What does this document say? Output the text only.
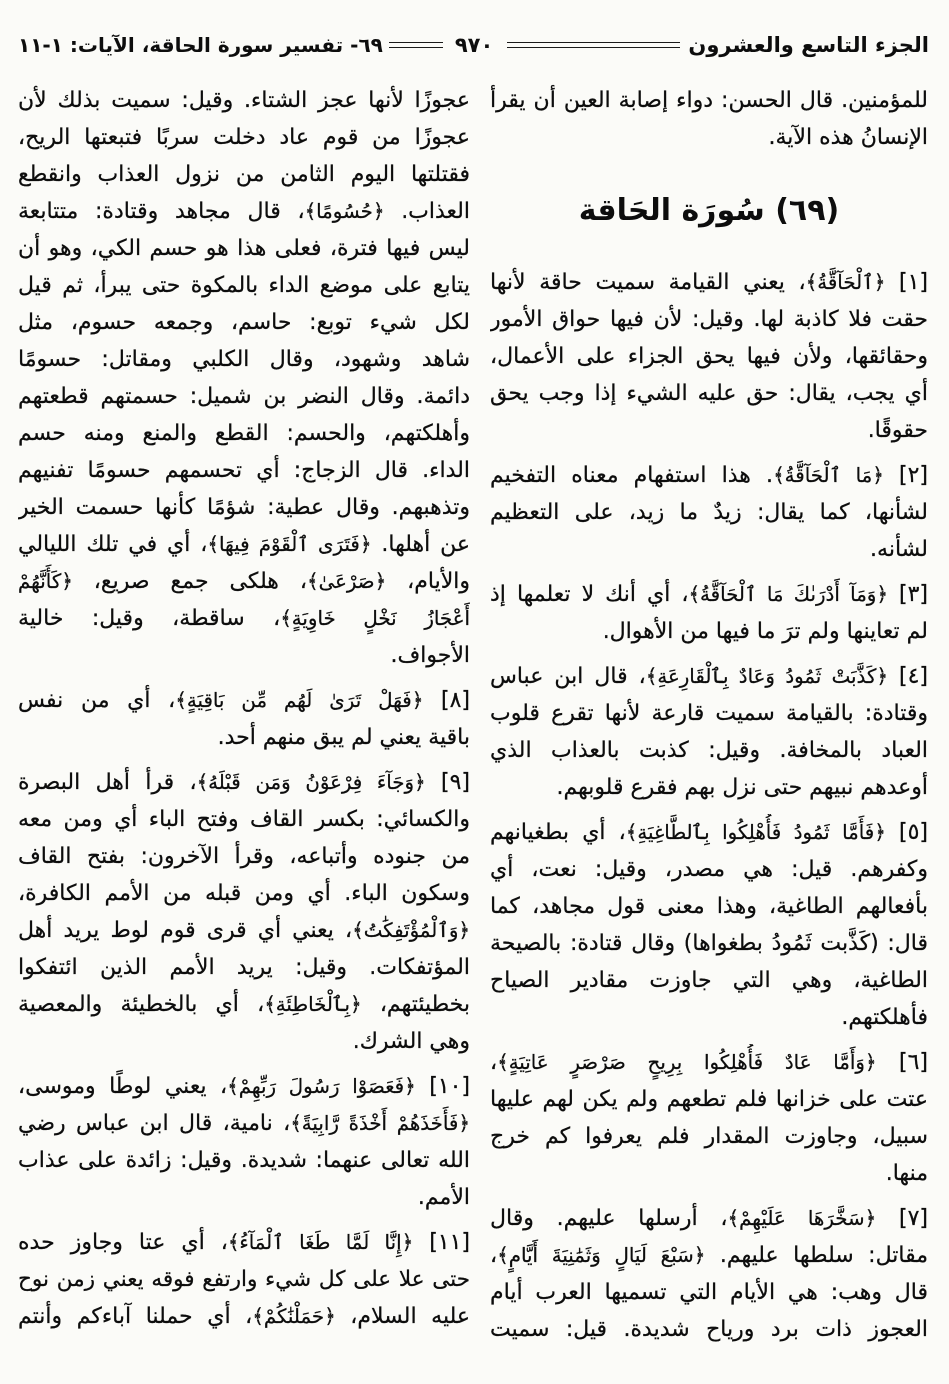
الجزء التاسع والعشرون
٩٧٠
٦٩- تفسير سورة الحاقة، الآيات: ١-١١
للمؤمنين. قال الحسن: دواء إصابة العين أن يقرأ
الإنسانُ هذه الآية.
(٦٩) سُورَة الحَاقة
[١] ﴿ٱلْحَآقَّةُ﴾، يعني القيامة سميت حاقة لأنها
حقت فلا كاذبة لها. وقيل: لأن فيها حواق الأمور
وحقائقها، ولأن فيها يحق الجزاء على الأعمال،
أي يجب، يقال: حق عليه الشيء إذا وجب يحق
حقوقًا.
[٢] ﴿مَا ٱلْحَآقَّةُ﴾. هذا استفهام معناه التفخيم
لشأنها، كما يقال: زيدٌ ما زيد، على التعظيم
لشأنه.
[٣] ﴿وَمَآ أَدْرَىٰكَ مَا ٱلْحَآقَّةُ﴾، أي أنك لا تعلمها إذ
لم تعاينها ولم ترَ ما فيها من الأهوال.
[٤] ﴿كَذَّبَتْ ثَمُودُ وَعَادٌ بِٱلْقَارِعَةِ﴾، قال ابن عباس
وقتادة: بالقيامة سميت قارعة لأنها تقرع قلوب
العباد بالمخافة. وقيل: كذبت بالعذاب الذي
أوعدهم نبيهم حتى نزل بهم فقرع قلوبهم.
[٥] ﴿فَأَمَّا ثَمُودُ فَأُهْلِكُوا بِٱلطَّاغِيَةِ﴾، أي بطغيانهم
وكفرهم. قيل: هي مصدر، وقيل: نعت، أي
بأفعالهم الطاغية، وهذا معنى قول مجاهد، كما
قال: (كَذَّبت ثَمُودُ بطغواها) وقال قتادة: بالصيحة
الطاغية، وهي التي جاوزت مقادير الصياح
فأهلكتهم.
[٦] ﴿وَأَمَّا عَادٌ فَأُهْلِكُوا بِرِيحٍ صَرْصَرٍ عَاتِيَةٍ﴾،
عتت على خزانها فلم تطعهم ولم يكن لهم عليها
سبيل، وجاوزت المقدار فلم يعرفوا كم خرج
منها.
[٧] ﴿سَخَّرَهَا عَلَيْهِمْ﴾، أرسلها عليهم. وقال
مقاتل: سلطها عليهم. ﴿سَبْعَ لَيَالٍ وَثَمَٰنِيَةَ أَيَّامٍ﴾،
قال وهب: هي الأيام التي تسميها العرب أيام
العجوز ذات برد ورياح شديدة. قيل: سميت
عجوزًا لأنها عجز الشتاء. وقيل: سميت بذلك لأن
عجوزًا من قوم عاد دخلت سربًا فتبعتها الريح،
فقتلتها اليوم الثامن من نزول العذاب وانقطع
العذاب. ﴿حُسُومًا﴾، قال مجاهد وقتادة: متتابعة
ليس فيها فترة، فعلى هذا هو حسم الكي، وهو أن
يتابع على موضع الداء بالمكوة حتى يبرأ، ثم قيل
لكل شيء توبع: حاسم، وجمعه حسوم، مثل
شاهد وشهود، وقال الكلبي ومقاتل: حسومًا
دائمة. وقال النضر بن شميل: حسمتهم قطعتهم
وأهلكتهم، والحسم: القطع والمنع ومنه حسم
الداء. قال الزجاج: أي تحسمهم حسومًا تفنيهم
وتذهبهم. وقال عطية: شؤمًا كأنها حسمت الخير
عن أهلها. ﴿فَتَرَى ٱلْقَوْمَ فِيهَا﴾، أي في تلك الليالي
والأيام، ﴿صَرْعَىٰ﴾، هلكى جمع صريع، ﴿كَأَنَّهُمْ
أَعْجَازُ نَخْلٍ خَاوِيَةٍ﴾، ساقطة، وقيل: خالية
الأجواف.
[٨] ﴿فَهَلْ تَرَىٰ لَهُم مِّن بَاقِيَةٍ﴾، أي من نفس
باقية يعني لم يبق منهم أحد.
[٩] ﴿وَجَآءَ فِرْعَوْنُ وَمَن قَبْلَهُ﴾، قرأ أهل البصرة
والكسائي: بكسر القاف وفتح الباء أي ومن معه
من جنوده وأتباعه، وقرأ الآخرون: بفتح القاف
وسكون الباء. أي ومن قبله من الأمم الكافرة،
﴿وَٱلْمُؤْتَفِكَٰتُ﴾، يعني أي قرى قوم لوط يريد أهل
المؤتفكات. وقيل: يريد الأمم الذين ائتفكوا
بخطيئتهم، ﴿بِٱلْخَاطِئَةِ﴾، أي بالخطيئة والمعصية
وهي الشرك.
[١٠] ﴿فَعَصَوْا رَسُولَ رَبِّهِمْ﴾، يعني لوطًا وموسى،
﴿فَأَخَذَهُمْ أَخْذَةً رَّابِيَةً﴾، نامية، قال ابن عباس رضي
الله تعالى عنهما: شديدة. وقيل: زائدة على عذاب
الأمم.
[١١] ﴿إِنَّا لَمَّا طَغَا ٱلْمَآءُ﴾، أي عتا وجاوز حده
حتى علا على كل شيء وارتفع فوقه يعني زمن نوح
عليه السلام، ﴿حَمَلْنَٰكُمْ﴾، أي حملنا آباءكم وأنتم
